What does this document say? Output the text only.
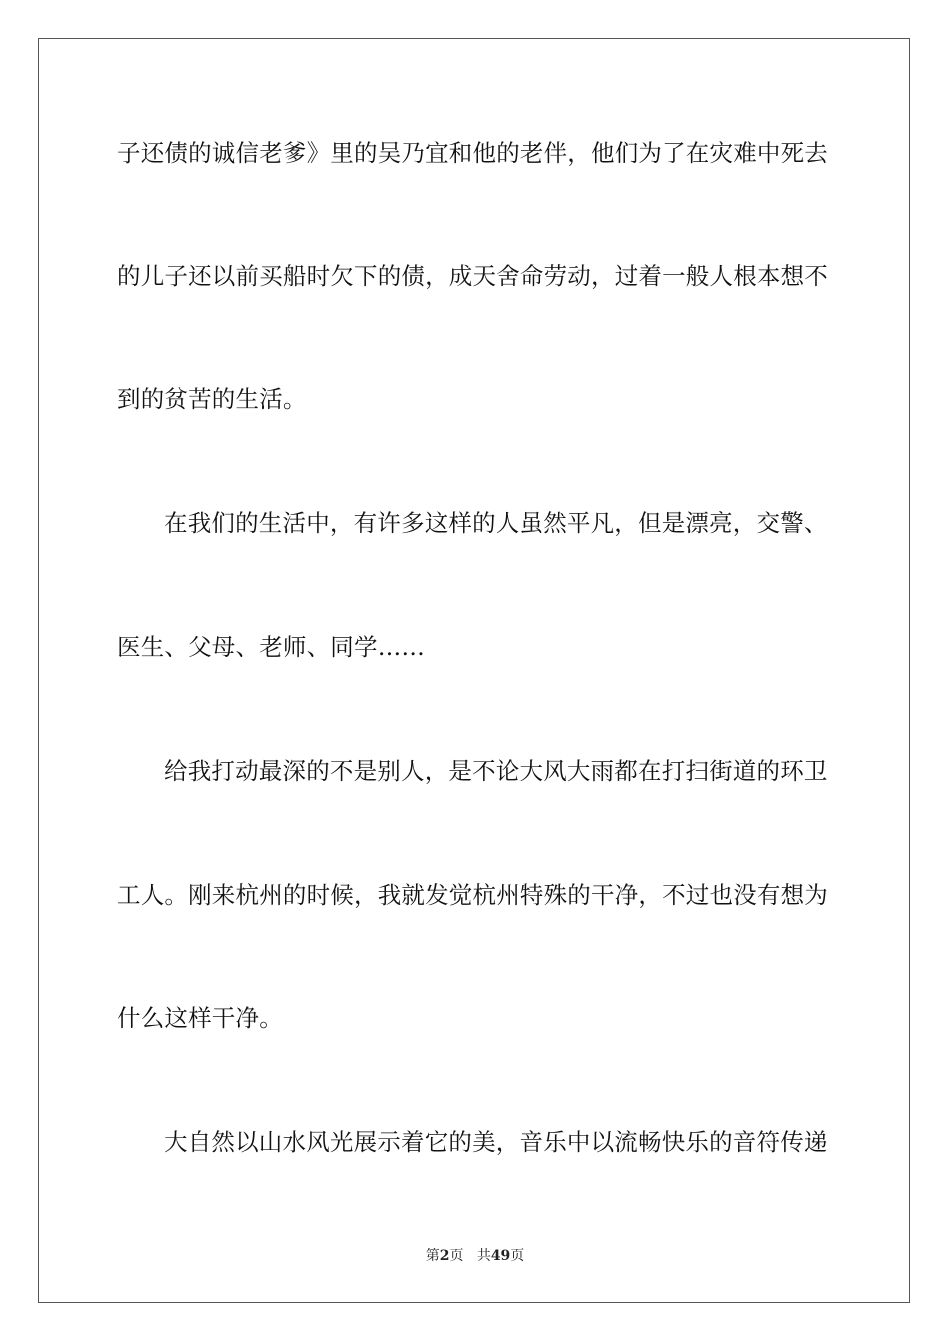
子还债的诚信老爹》里的吴乃宜和他的老伴，他们为了在灾难中死去
的儿子还以前买船时欠下的债，成天舍命劳动，过着一般人根本想不
到的贫苦的生活。
在我们的生活中，有许多这样的人虽然平凡，但是漂亮，交警、
医生、父母、老师、同学……
给我打动最深的不是别人，是不论大风大雨都在打扫街道的环卫
工人。刚来杭州的时候，我就发觉杭州特殊的干净，不过也没有想为
什么这样干净。
大自然以山水风光展示着它的美，音乐中以流畅快乐的音符传递
第2页 共49页
